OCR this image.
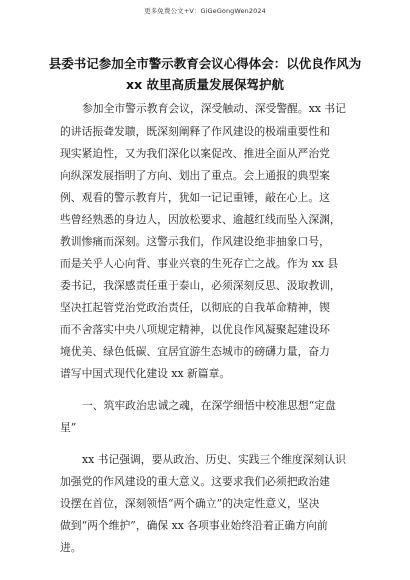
更多免费公文+V：GiGeGongWen2024
县委书记参加全市警示教育会议心得体会：以优良作风为
xx 故里高质量发展保驾护航
参加全市警示教育会议，深受触动、深受警醒。xx 书记
的讲话振聋发聩，既深刻阐释了作风建设的极端重要性和
现实紧迫性，又为我们深化以案促改、推进全面从严治党
向纵深发展指明了方向、划出了重点。会上通报的典型案
例、观看的警示教育片，犹如一记记重锤，敲在心上。这
些曾经熟悉的身边人，因放松要求、逾越红线而坠入深渊，
教训惨痛而深刻。这警示我们，作风建设绝非抽象口号，
而是关乎人心向背、事业兴衰的生死存亡之战。作为 xx 县
委书记，我深感责任重于泰山，必须深刻反思、汲取教训，
坚决扛起管党治党政治责任，以彻底的自我革命精神，锲
而不舍落实中央八项规定精神，以优良作风凝聚起建设环
境优美、绿色低碳、宜居宜游生态城市的磅礴力量，奋力
谱写中国式现代化建设 xx 新篇章。
一、筑牢政治忠诚之魂，在深学细悟中校准思想“定盘
星”
xx 书记强调，要从政治、历史、实践三个维度深刻认识
加强党的作风建设的重大意义。这要求我们必须把政治建
设摆在首位，深刻领悟“两个确立”的决定性意义，坚决
做到“两个维护”，确保 xx 各项事业始终沿着正确方向前
进。
